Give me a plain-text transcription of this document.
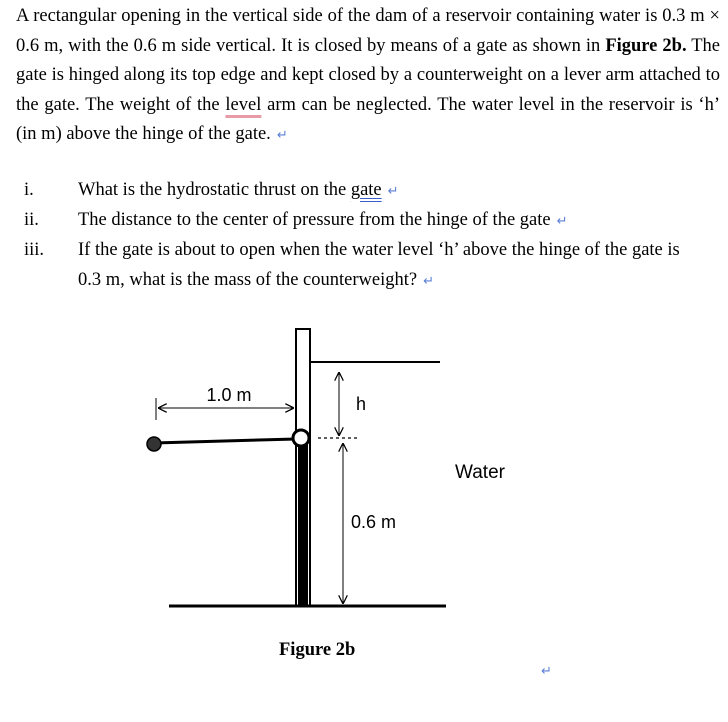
A rectangular opening in the vertical side of the dam of a reservoir containing water is 0.3 m × 0.6 m, with the 0.6 m side vertical. It is closed by means of a gate as shown in Figure 2b. The gate is hinged along its top edge and kept closed by a counterweight on a lever arm attached to the gate. The weight of the level arm can be neglected. The water level in the reservoir is ‘h’ (in m) above the hinge of the gate. ↵
i.	What is the hydrostatic thrust on the gate ↵
ii.	The distance to the center of pressure from the hinge of the gate ↵
iii.	If the gate is about to open when the water level ‘h’ above the hinge of the gate is 0.3 m, what is the mass of the counterweight? ↵
1.0 m	h
0.6 m
Water
Figure 2b
↵
